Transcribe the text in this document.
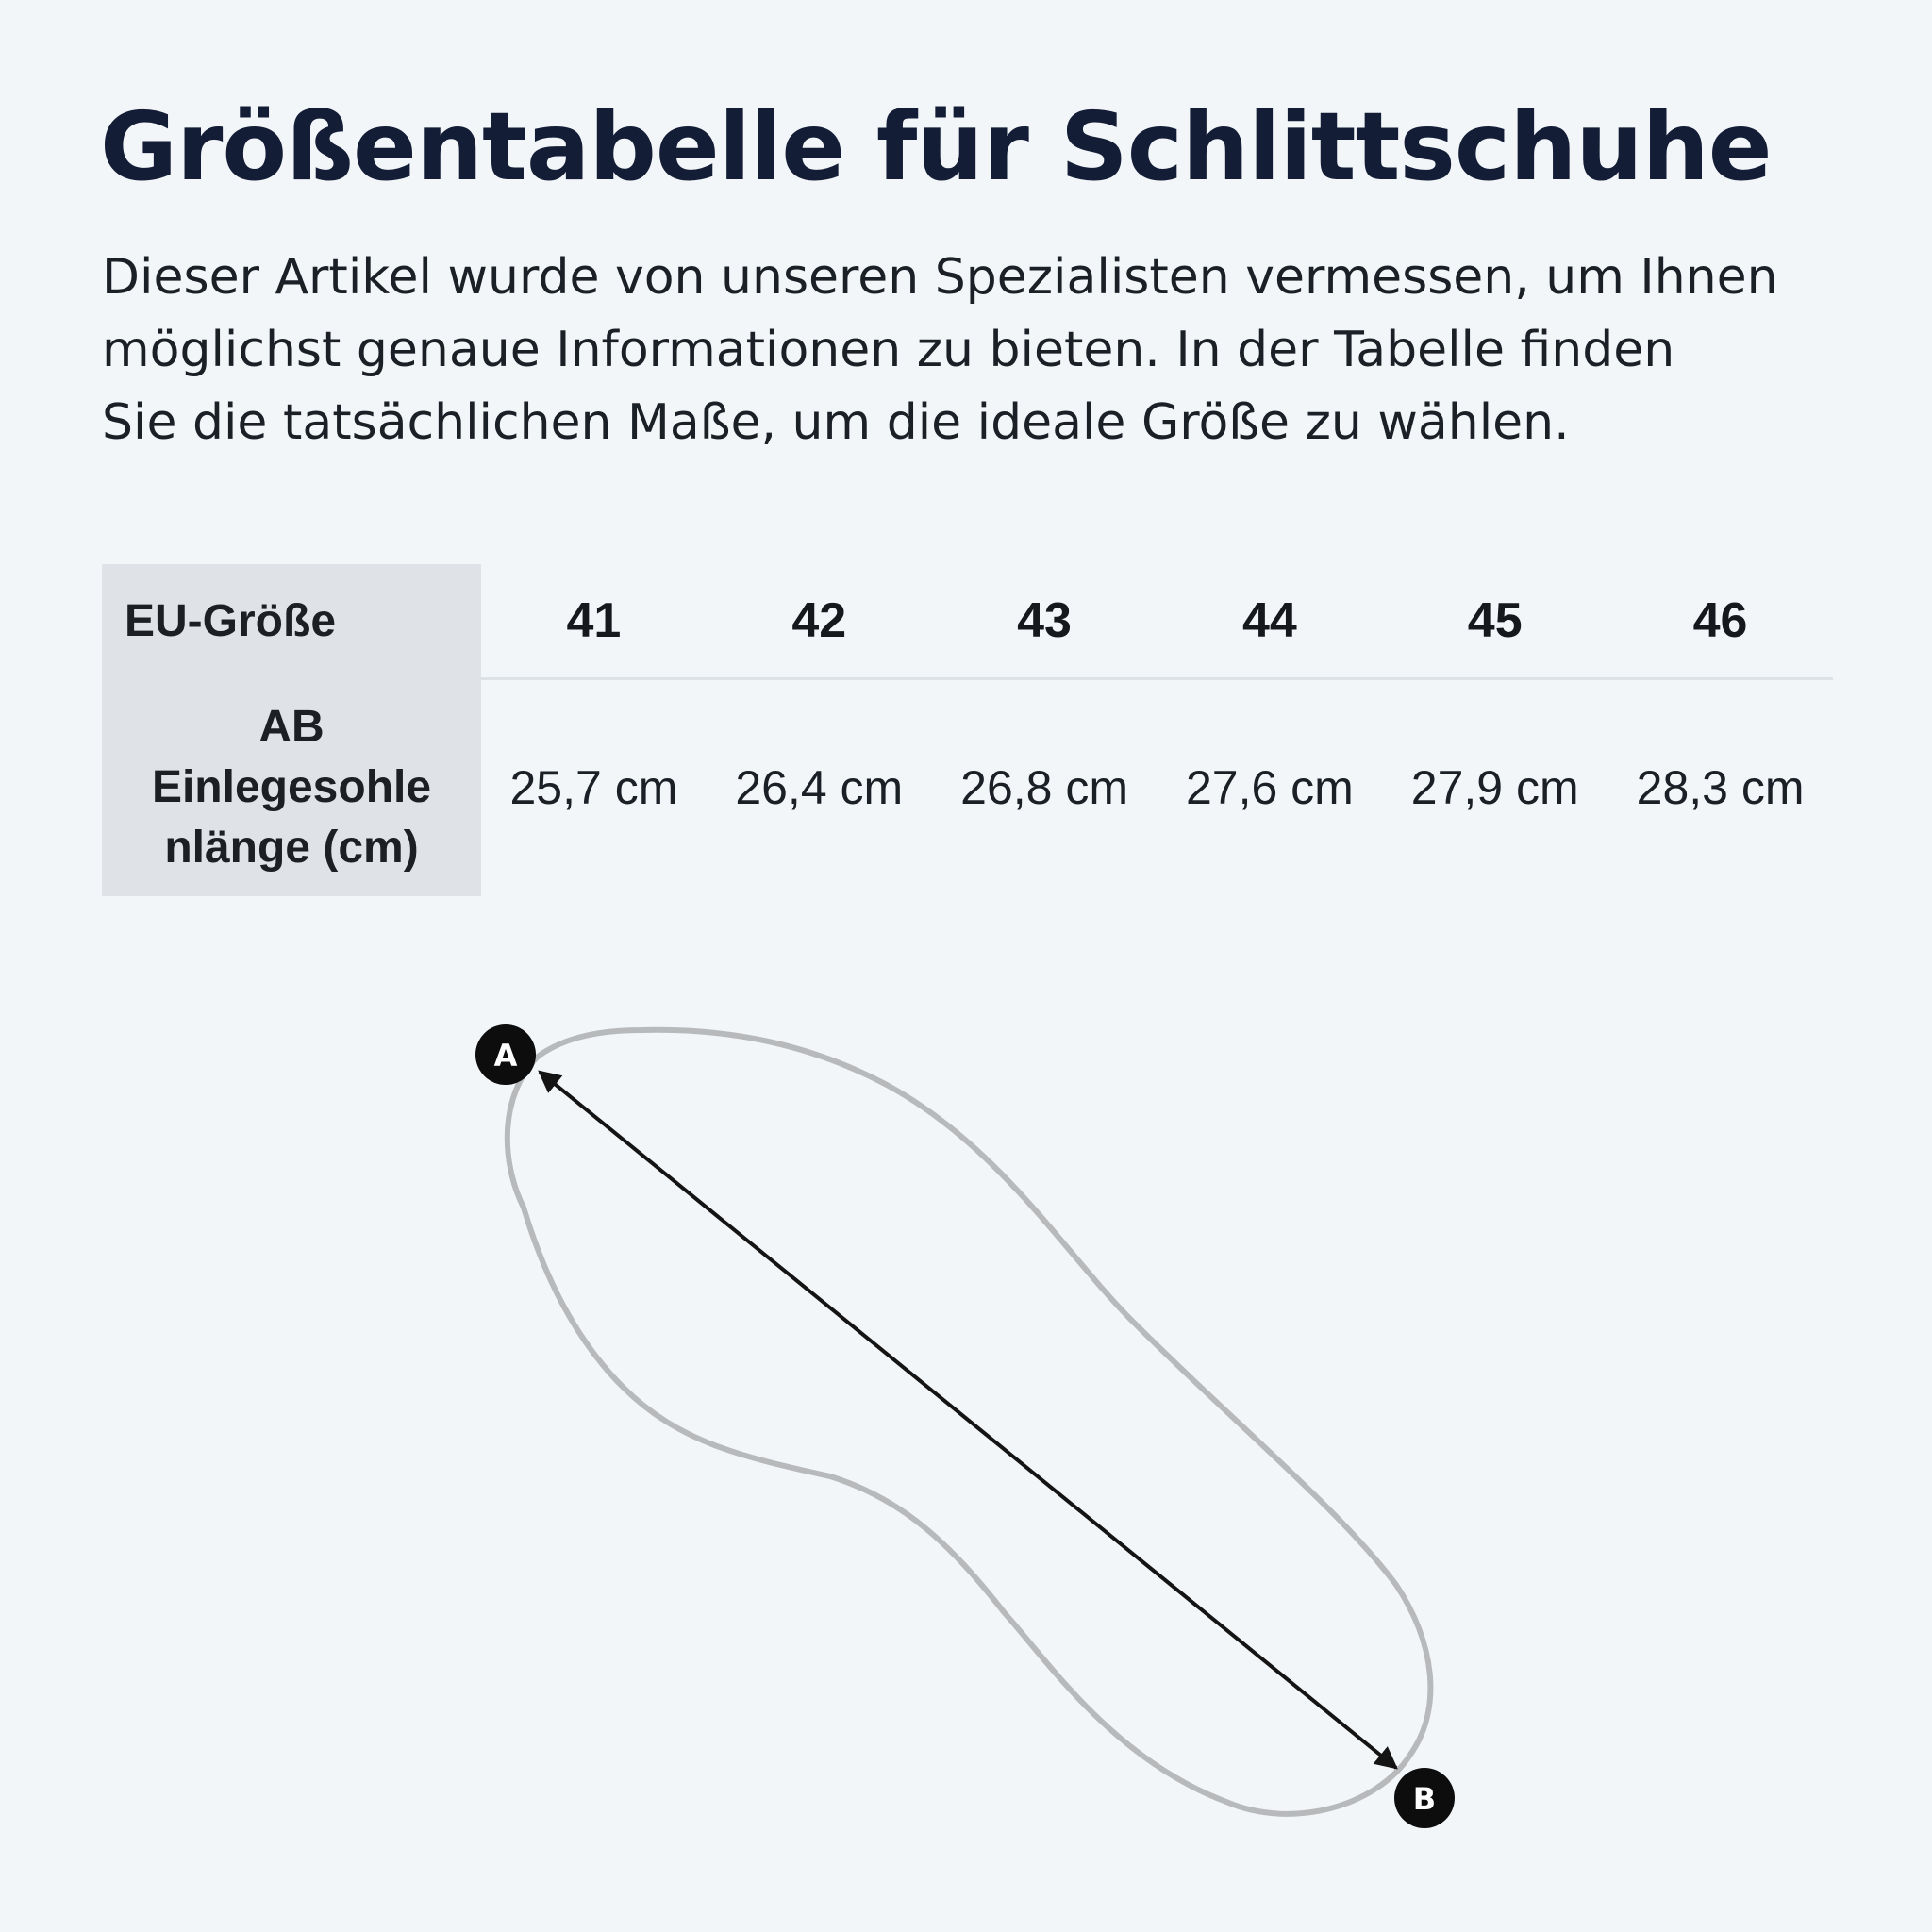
Größentabelle für Schlittschuhe

Dieser Artikel wurde von unseren Spezialisten vermessen, um Ihnen
möglichst genaue Informationen zu bieten. In der Tabelle finden
Sie die tatsächlichen Maße, um die ideale Größe zu wählen.

EU-Größe	41	42	43	44	45	46

AB
Einlegesohle
nlänge (cm)	25,7 cm	26,4 cm	26,8 cm	27,6 cm	27,9 cm	28,3 cm
A
B
